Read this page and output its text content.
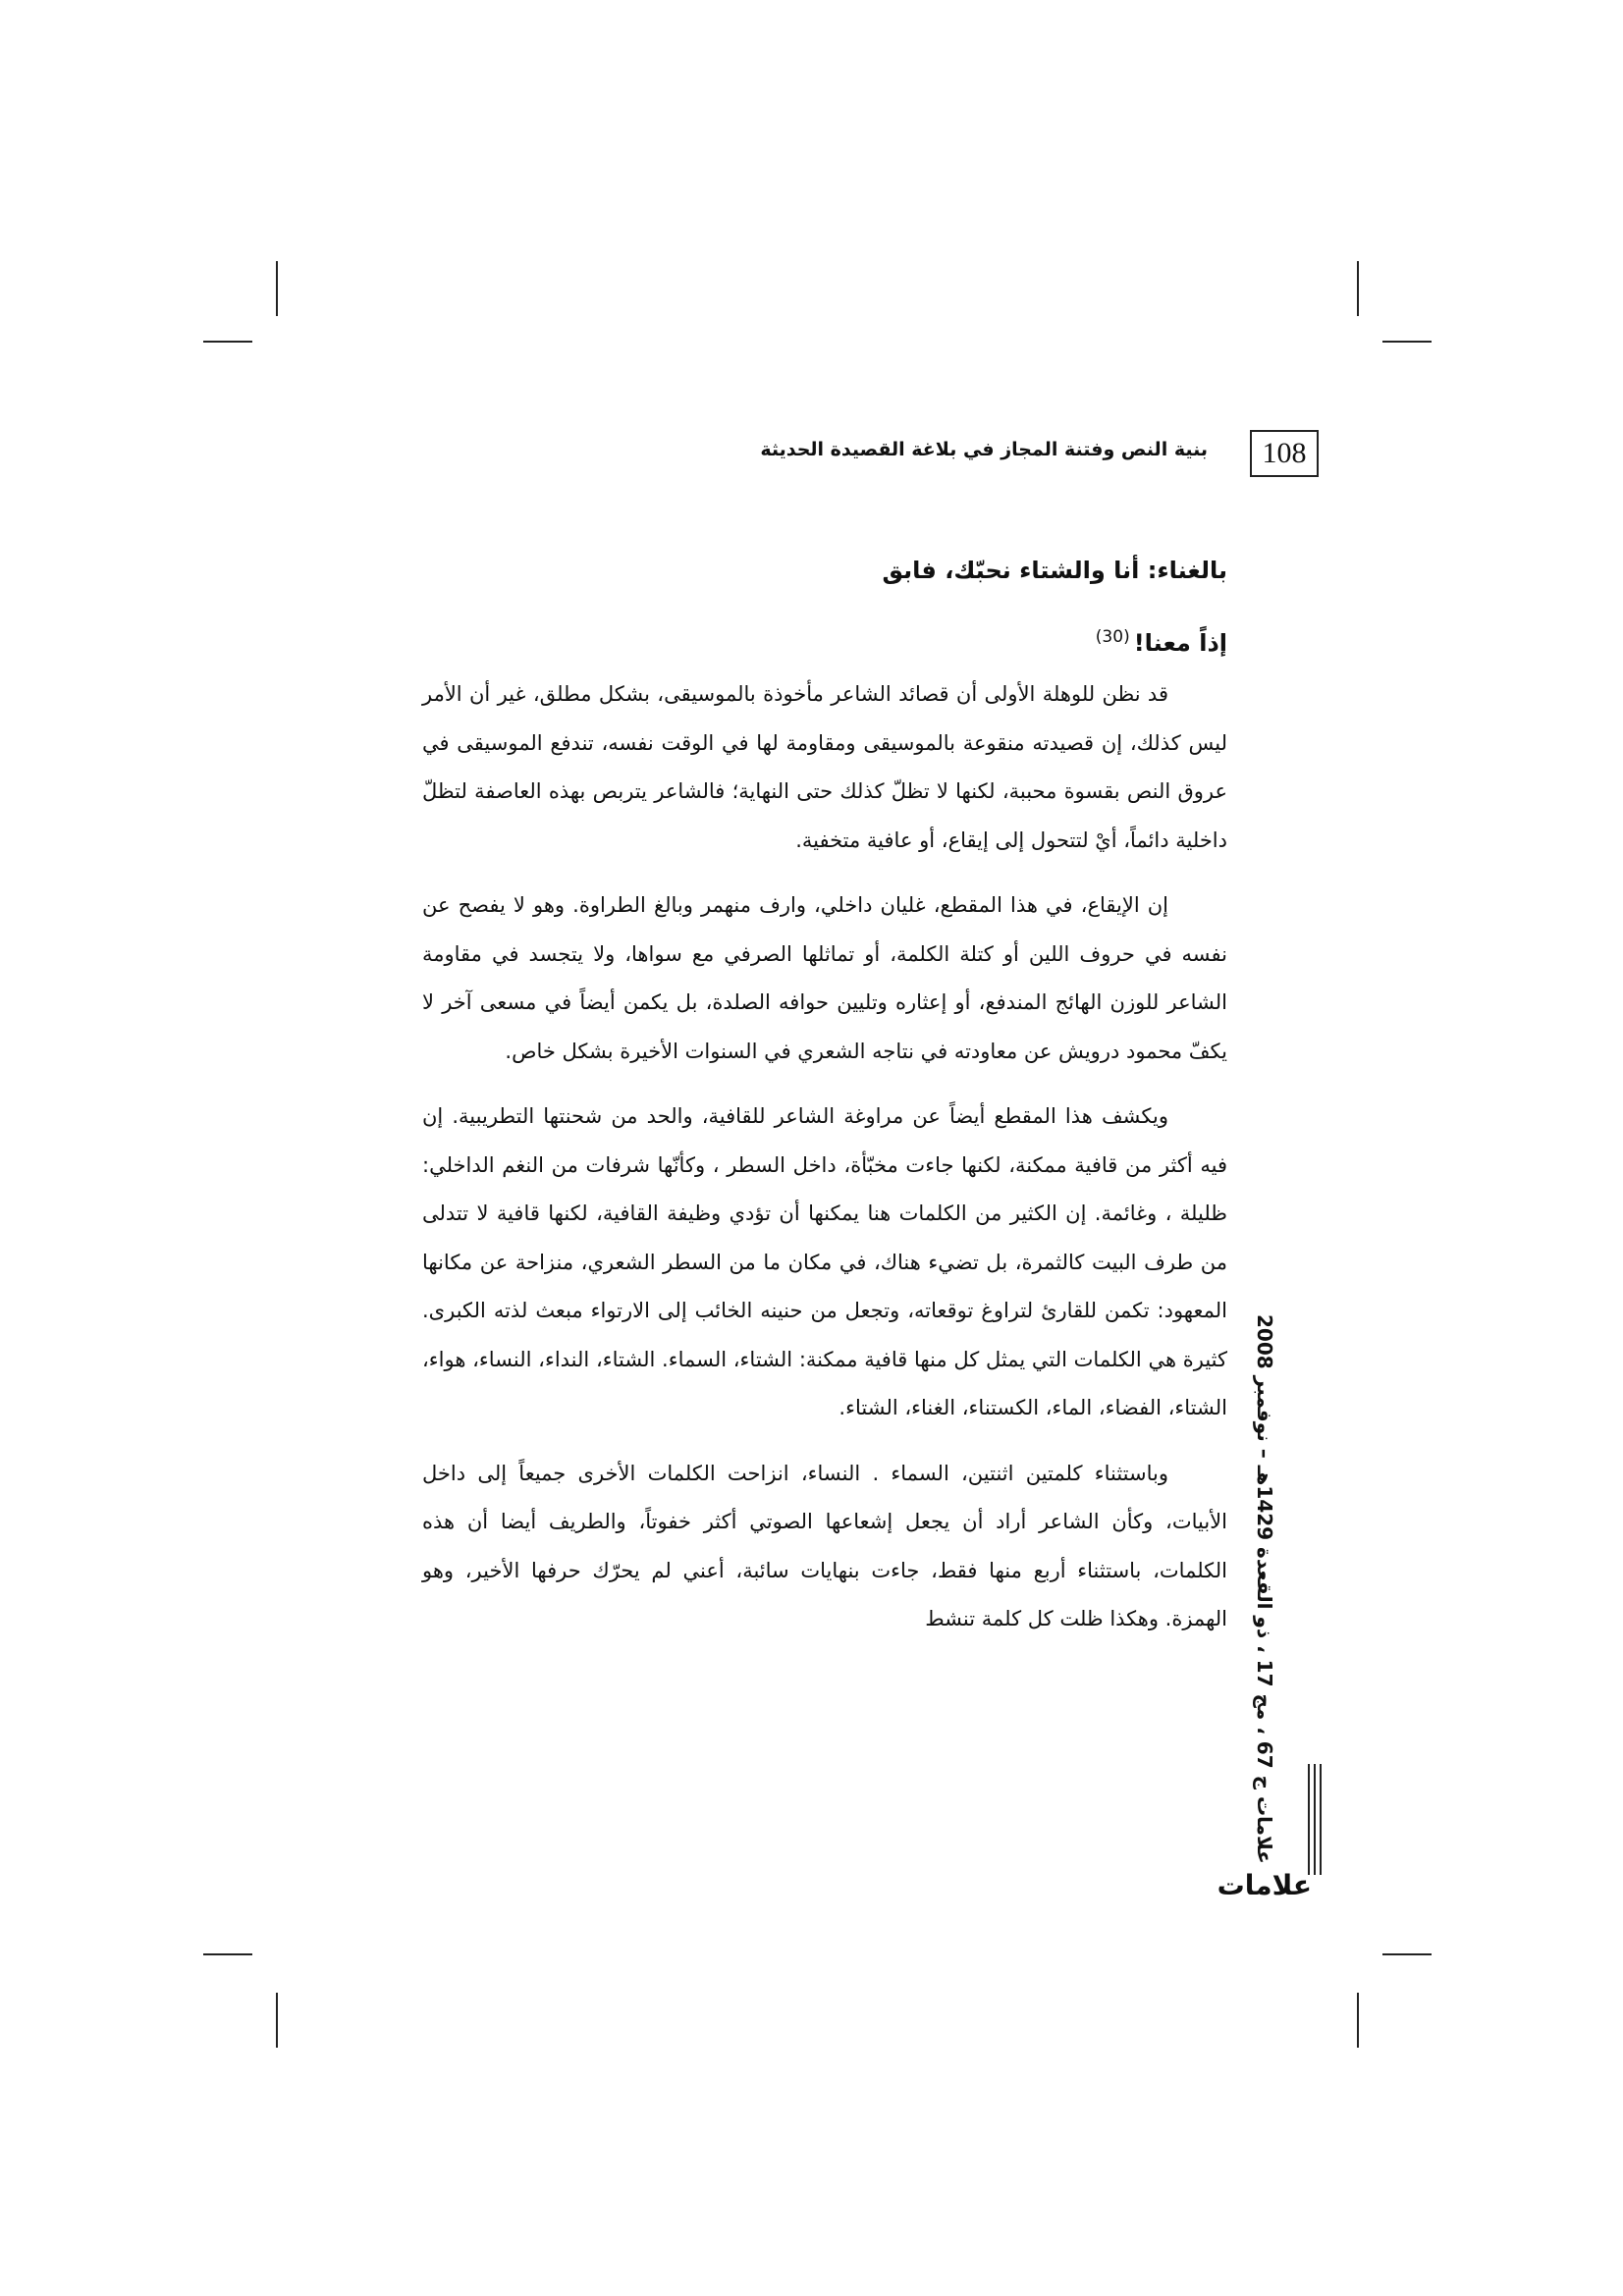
بنية النص وفتنة المجاز في بلاغة القصيدة الحديثة	108
بالغناء: أنا والشتاء نحبّك، فابق
إذاً معنا!$^{(30)}$

قد نظن للوهلة الأولى أن قصائد الشاعر مأخوذة بالموسيقى، بشكل مطلق، غير أن الأمر ليس كذلك، إن قصيدته منقوعة بالموسيقى ومقاومة لها في الوقت نفسه، تندفع الموسيقى في عروق النص بقسوة محببة، لكنها لا تظلّ كذلك حتى النهاية؛ فالشاعر يتربص بهذه العاصفة لتظلّ داخلية دائماً، أيْ لتتحول إلى إيقاع، أو عافية متخفية.

إن الإيقاع، في هذا المقطع، غليان داخلي، وارف منهمر وبالغ الطراوة. وهو لا يفصح عن نفسه في حروف اللين أو كتلة الكلمة، أو تماثلها الصرفي مع سواها، ولا يتجسد في مقاومة الشاعر للوزن الهائج المندفع، أو إعثاره وتليين حوافه الصلدة، بل يكمن أيضاً في مسعى آخر لا يكفّ محمود درويش عن معاودته في نتاجه الشعري في السنوات الأخيرة بشكل خاص.

ويكشف هذا المقطع أيضاً عن مراوغة الشاعر للقافية، والحد من شحنتها التطريبية. إن فيه أكثر من قافية ممكنة، لكنها جاءت مخبّأة، داخل السطر ، وكأنّها شرفات من النغم الداخلي: ظليلة ، وغائمة. إن الكثير من الكلمات هنا يمكنها أن تؤدي وظيفة القافية، لكنها قافية لا تتدلى من طرف البيت كالثمرة، بل تضيء هناك، في مكان ما من السطر الشعري، منزاحة عن مكانها المعهود: تكمن للقارئ لتراوغ توقعاته، وتجعل من حنينه الخائب إلى الارتواء مبعث لذته الكبرى. كثيرة هي الكلمات التي يمثل كل منها قافية ممكنة: الشتاء، السماء. الشتاء، النداء، النساء، هواء، الشتاء، الفضاء، الماء، الكستناء، الغناء، الشتاء.

وباستثناء كلمتين اثنتين، السماء . النساء، انزاحت الكلمات الأخرى جميعاً إلى داخل الأبيات، وكأن الشاعر أراد أن يجعل إشعاعها الصوتي أكثر خفوتاً، والطريف أيضا أن هذه الكلمات، باستثناء أربع منها فقط، جاءت بنهايات سائبة، أعني لم يحرّك حرفها الأخير، وهو الهمزة. وهكذا ظلت كل كلمة تنشط

علامات ج 67 ، مج 17 ، ذو القعدة 1429هـ – نوفمبر 2008
علامات
